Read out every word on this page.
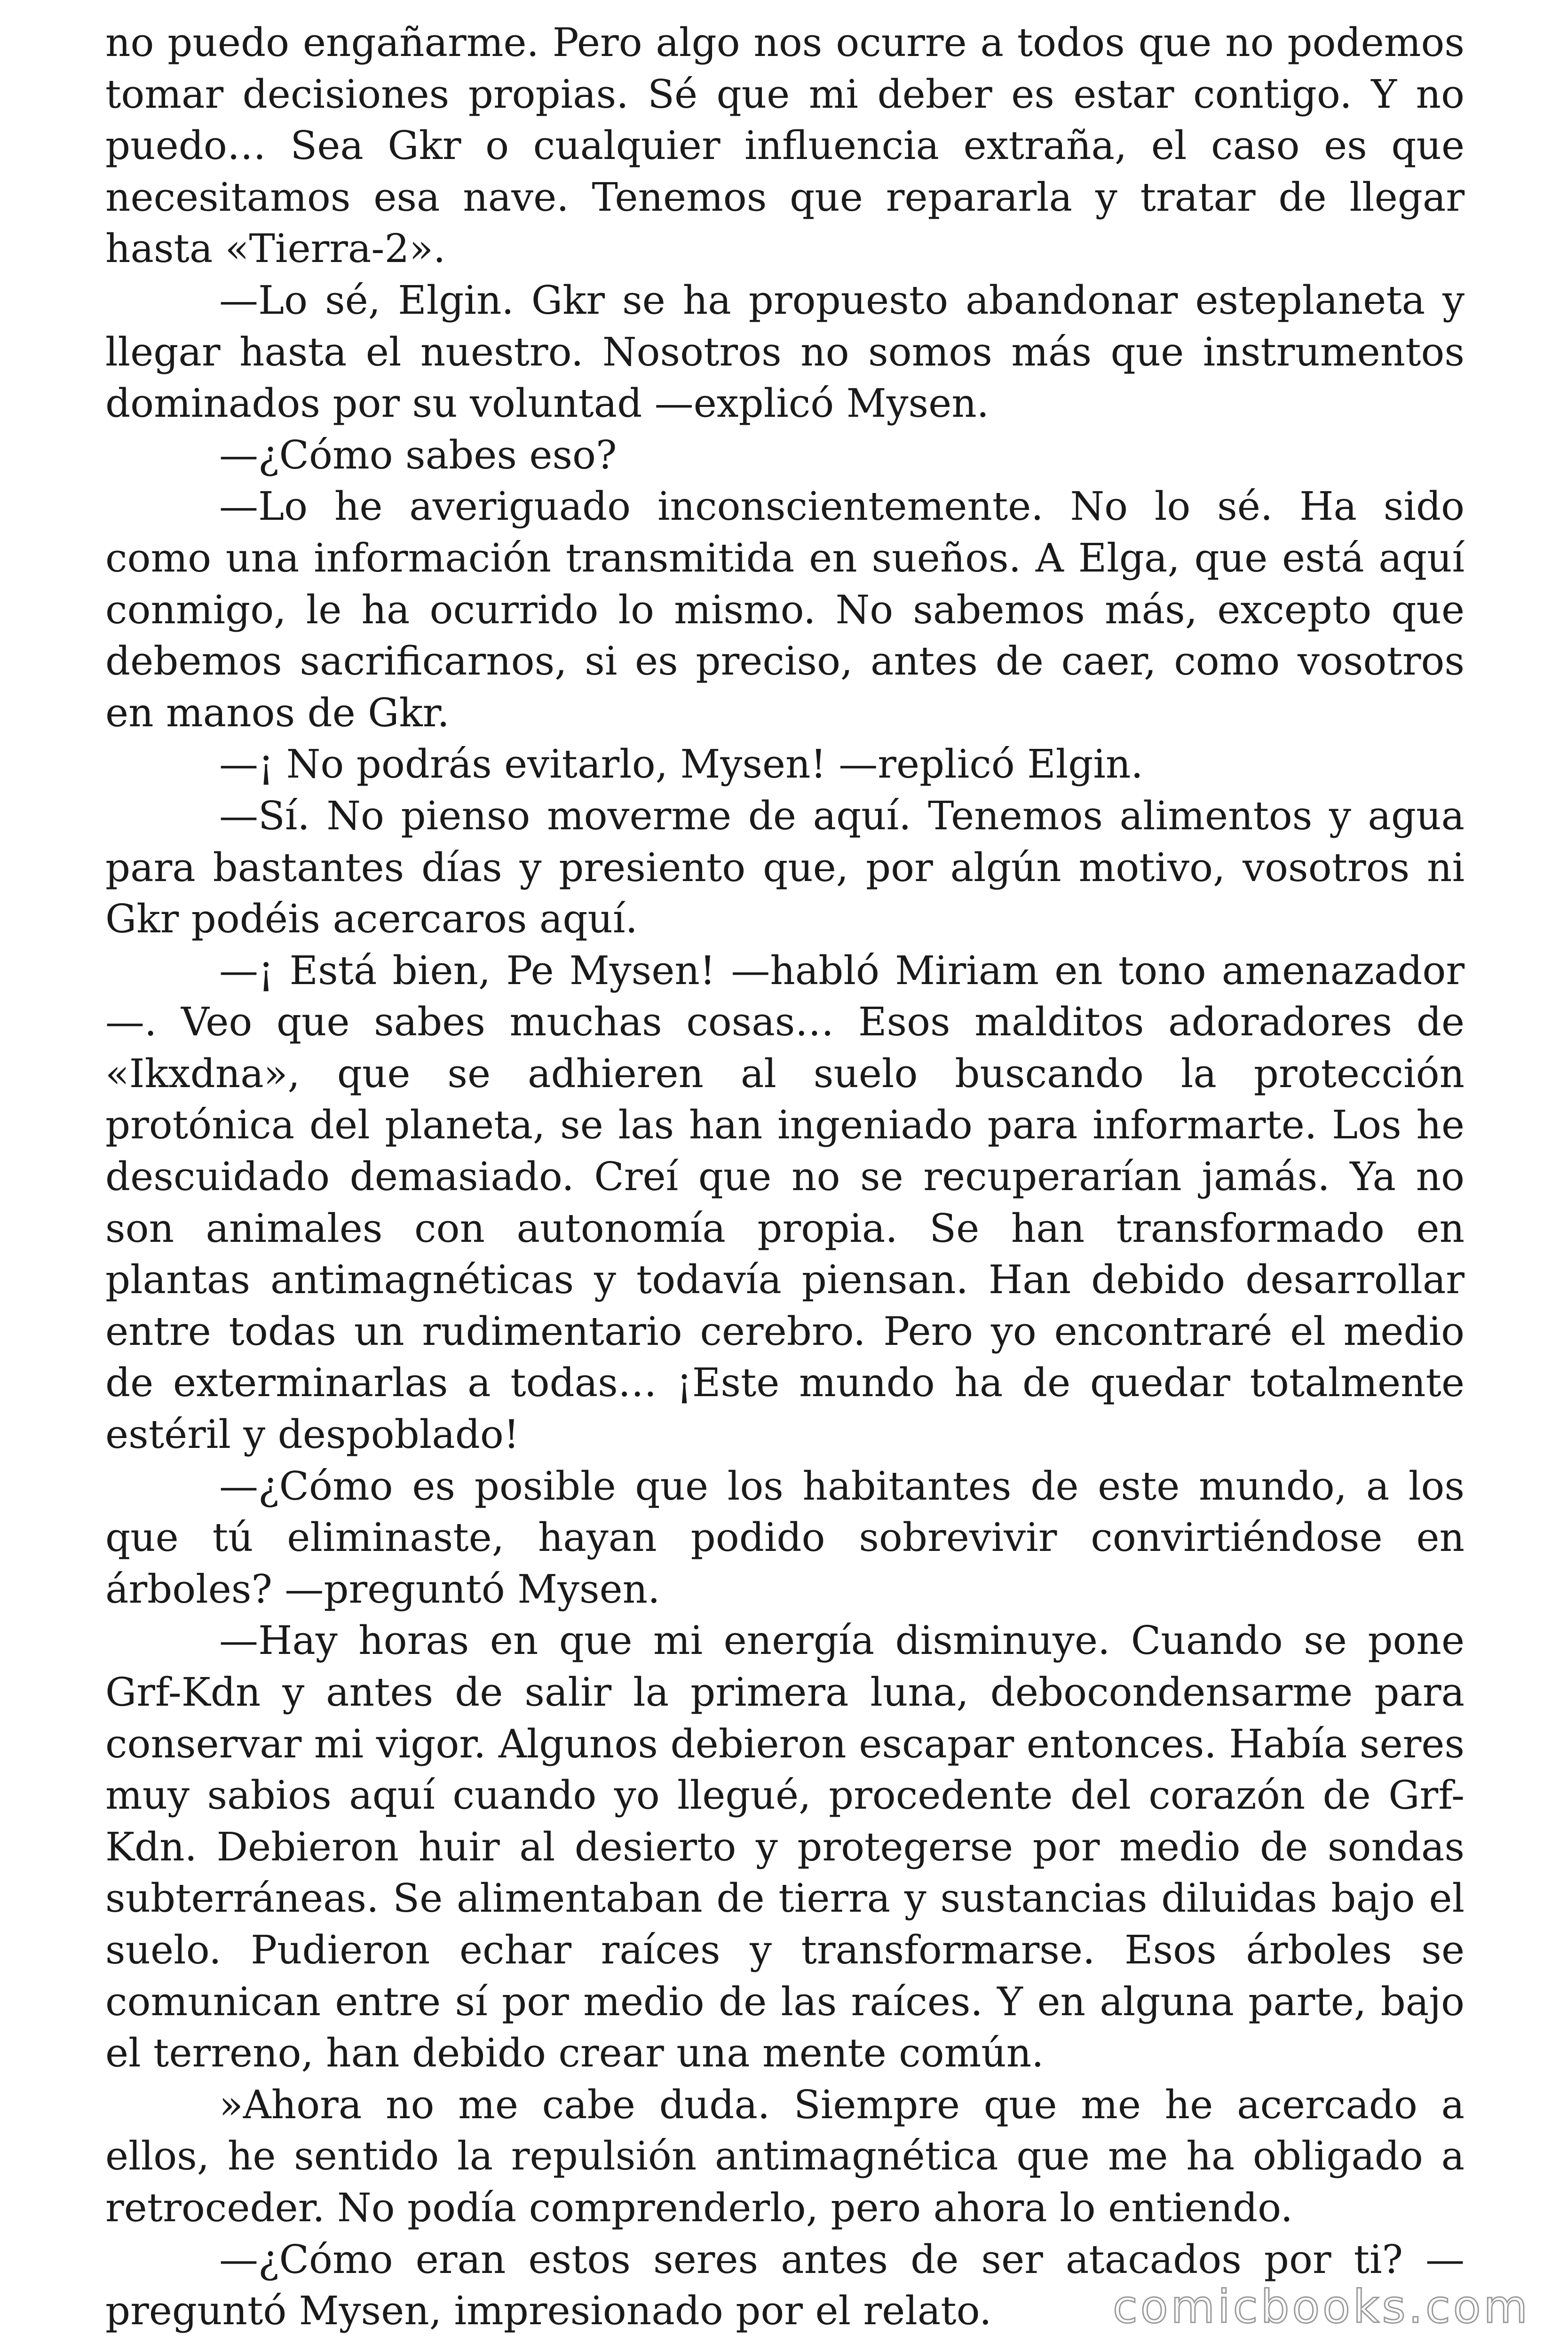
no puedo engañarme. Pero algo nos ocurre a todos que no podemos tomar decisiones propias. Sé que mi deber es estar contigo. Y no puedo… Sea Gkr o cualquier influencia extraña, el caso es que necesitamos esa nave. Tenemos que repararla y tratar de llegar hasta «Tierra-2».

—Lo sé, Elgin. Gkr se ha propuesto abandonar esteplaneta y llegar hasta el nuestro. Nosotros no somos más que instrumentos dominados por su voluntad —explicó Mysen.

—¿Cómo sabes eso?

—Lo he averiguado inconscientemente. No lo sé. Ha sido como una información transmitida en sueños. A Elga, que está aquí conmigo, le ha ocurrido lo mismo. No sabemos más, excepto que debemos sacrificarnos, si es preciso, antes de caer, como vosotros en manos de Gkr.

—¡ No podrás evitarlo, Mysen! —replicó Elgin.

—Sí. No pienso moverme de aquí. Tenemos alimentos y agua para bastantes días y presiento que, por algún motivo, vosotros ni Gkr podéis acercaros aquí.

—¡ Está bien, Pe Mysen! —habló Miriam en tono amenazador—. Veo que sabes muchas cosas… Esos malditos adoradores de «Ikxdna», que se adhieren al suelo buscando la protección protónica del planeta, se las han ingeniado para informarte. Los he descuidado demasiado. Creí que no se recuperarían jamás. Ya no son animales con autonomía propia. Se han transformado en plantas antimagnéticas y todavía piensan. Han debido desarrollar entre todas un rudimentario cerebro. Pero yo encontraré el medio de exterminarlas a todas… ¡Este mundo ha de quedar totalmente estéril y despoblado!

—¿Cómo es posible que los habitantes de este mundo, a los que tú eliminaste, hayan podido sobrevivir convirtiéndose en árboles? —preguntó Mysen.

—Hay horas en que mi energía disminuye. Cuando se pone Grf-Kdn y antes de salir la primera luna, debocondensarme para conservar mi vigor. Algunos debieron escapar entonces. Había seres muy sabios aquí cuando yo llegué, procedente del corazón de Grf-Kdn. Debieron huir al desierto y protegerse por medio de sondas subterráneas. Se alimentaban de tierra y sustancias diluidas bajo el suelo. Pudieron echar raíces y transformarse. Esos árboles se comunican entre sí por medio de las raíces. Y en alguna parte, bajo el terreno, han debido crear una mente común.

»Ahora no me cabe duda. Siempre que me he acercado a ellos, he sentido la repulsión antimagnética que me ha obligado a retroceder. No podía comprenderlo, pero ahora lo entiendo.

—¿Cómo eran estos seres antes de ser atacados por ti? —preguntó Mysen, impresionado por el relato.	comicbooks.com
